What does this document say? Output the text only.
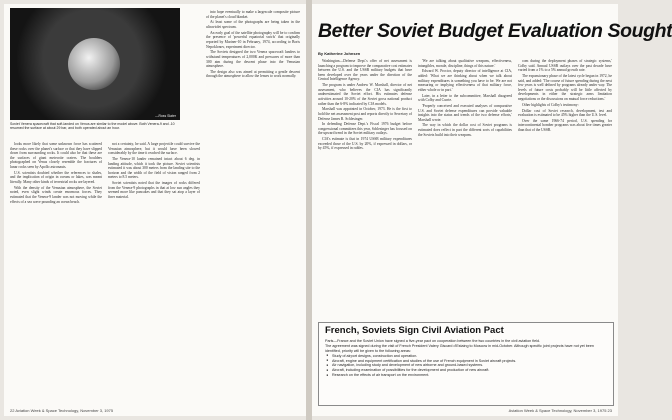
—Ross Slater
Soviet Venera spacecraft that soft-landed on Venus are similar to the model above. Both Venera-9 and -10 resumed the surface at about 29 bar, and both operated about an hour.

looks more likely that some unknown force has scattered these rocks over the planet's surface or that they have slipped down from surrounding rocks. It could also be that these are the surfaces of giant meteorite craters. The boulders photographed on Venus closely resemble the fractures of lunar rocks seen by Apollo astronauts.

U.S. scientists doubted whether the references to shales, and the implication of origin in oceans or lakes, was meant literally. Many other kinds of terrestrial rocks are layered.

With the density of the Venusian atmosphere, the Soviet noted, even slight winds create enormous forces. They estimated that the Venera-9 lander was not moving while the effects of a sea wave pounding an ocean beach.

not a certainty, he said. A large projectile could survive the Venusian atmosphere, but it would have been slowed considerably by the time it reached the surface.

The Venera-10 lander remained intact about 6 deg. in landing attitude, which it took the picture. Soviet scientists estimated it was about 300 meters from the landing site to the horizon and the width of the field of vision ranged from 2 meters to 8.5 meters.

Soviet scientists noted that the images of rocks differed from the Venera-9 photographs in that at low sun angles they seemed more like pancakes and that they sat atop a layer of finer material.

into hope eventually to make a largescale composite picture of the planet's cloud blanket.

At least some of the photographs are being taken in the ultraviolet spectrum.

An early goal of the satellite photography will be to confirm the presence of 'powerful equatorial swirls' that originally reported by Mariner-10 in February, 1974, according to Boris Nepoklonov, experiment director.

The Soviets designed the two Venera spacecraft landers to withstand temperatures of 2,000K and pressures of more than 300 atm during the descent phase into the Venusian atmosphere.

The design also was aimed at permitting a gentle descent through the atmosphere to allow the lenses to work normally.

22 Aviation Week & Space Technology, November 3, 1975
Better Soviet Budget Evaluation Sought
By Katherine Johnsen

Washington—Defense Dept.'s offer of net assessment is launching a program to improve the comparative cost estimates between the U.S. and the USSR military budgets that have been developed over the years under the direction of the Central Intelligence Agency.

The program is under Andrew W. Marshall, director of net assessment, who believes the CIA has significantly underestimated the Soviet effort. His estimates defense activities around 10-20% of the Soviet gross national product rather than the 6-8% indicated by CIA models.

Marshall was appointed in October, 1973. He is the first to hold the net assessment post and reports directly to Secretary of Defense James R. Schlesinger.

In defending Defense Dept.'s Fiscal 1976 budget before congressional committees this year, Schlesinger has focused on the upward trend in the Soviet military outlays.

CIA's estimate is that in 1974 USSR military expenditures exceeded those of the U.S. by 20%, if expressed in dollars, or by 45%, if expressed in rubles.

'We are talking about qualitative weapons, effectiveness, intangibles, morale, discipline, things of this nature.'

Edward W. Proctor, deputy director of intelligence at CIA, added: 'What we are thinking about when we talk about military expenditures is something you have to be. We are not measuring or implying effectiveness of that military force, either whole or in part.'

Later, in a letter to the subcommittee, Marshall disagreed with Colby and Currie.

'Properly conceived and executed analyses of comparative U.S. and Soviet defense expenditures can provide valuable insights into the status and trends of the two defense efforts,' Marshall wrote.

The way in which the dollar cost of Soviet programs is estimated does reflect in part the different sorts of capabilities the Soviets build into their weapons.

com during the deployment phases of strategic systems,' Colby said. Annual USSR outlays over the past decade have varied from a 1% to a 5% annual growth rate.

The expansionary phase of the latest cycle began in 1972, he said, and added: 'The course of future spending during the next few years is well defined by programs already under way. The levels of future costs probably will be little affected by developments in either the strategic arms limitation negotiations or the discussions on mutual force reductions.'

Other highlights of Colby's testimony:

Dollar cost of Soviet research, development, test and evaluation is estimated to be 45% higher than the U.S. level.

Over the same 1966-74 period, U.S. spending for intercontinental bomber programs was about five times greater than that of the USSR.

French, Soviets Sign Civil Aviation Pact

Paris—France and the Soviet Union have signed a five-year pact on cooperation between the two countries in the civil aviation field.

The agreement was signed during the visit of French President Valery Giscard d'Estaing to Moscow in mid-October. Although specific joint projects have not yet been identified, priority will be given to the following areas:

■ Study of airport designs, construction and operation.
■ Aircraft, engine and equipment certification and studies of the use of French equipment in Soviet aircraft projects.
■ Air navigation, including study and development of new airborne and ground-based systems.
■ Aircraft, including examination of possibilities for the development and production of new aircraft.
■ Research on the effects of air transport on the environment.
Aviation Week & Space Technology, November 3, 1975 23
